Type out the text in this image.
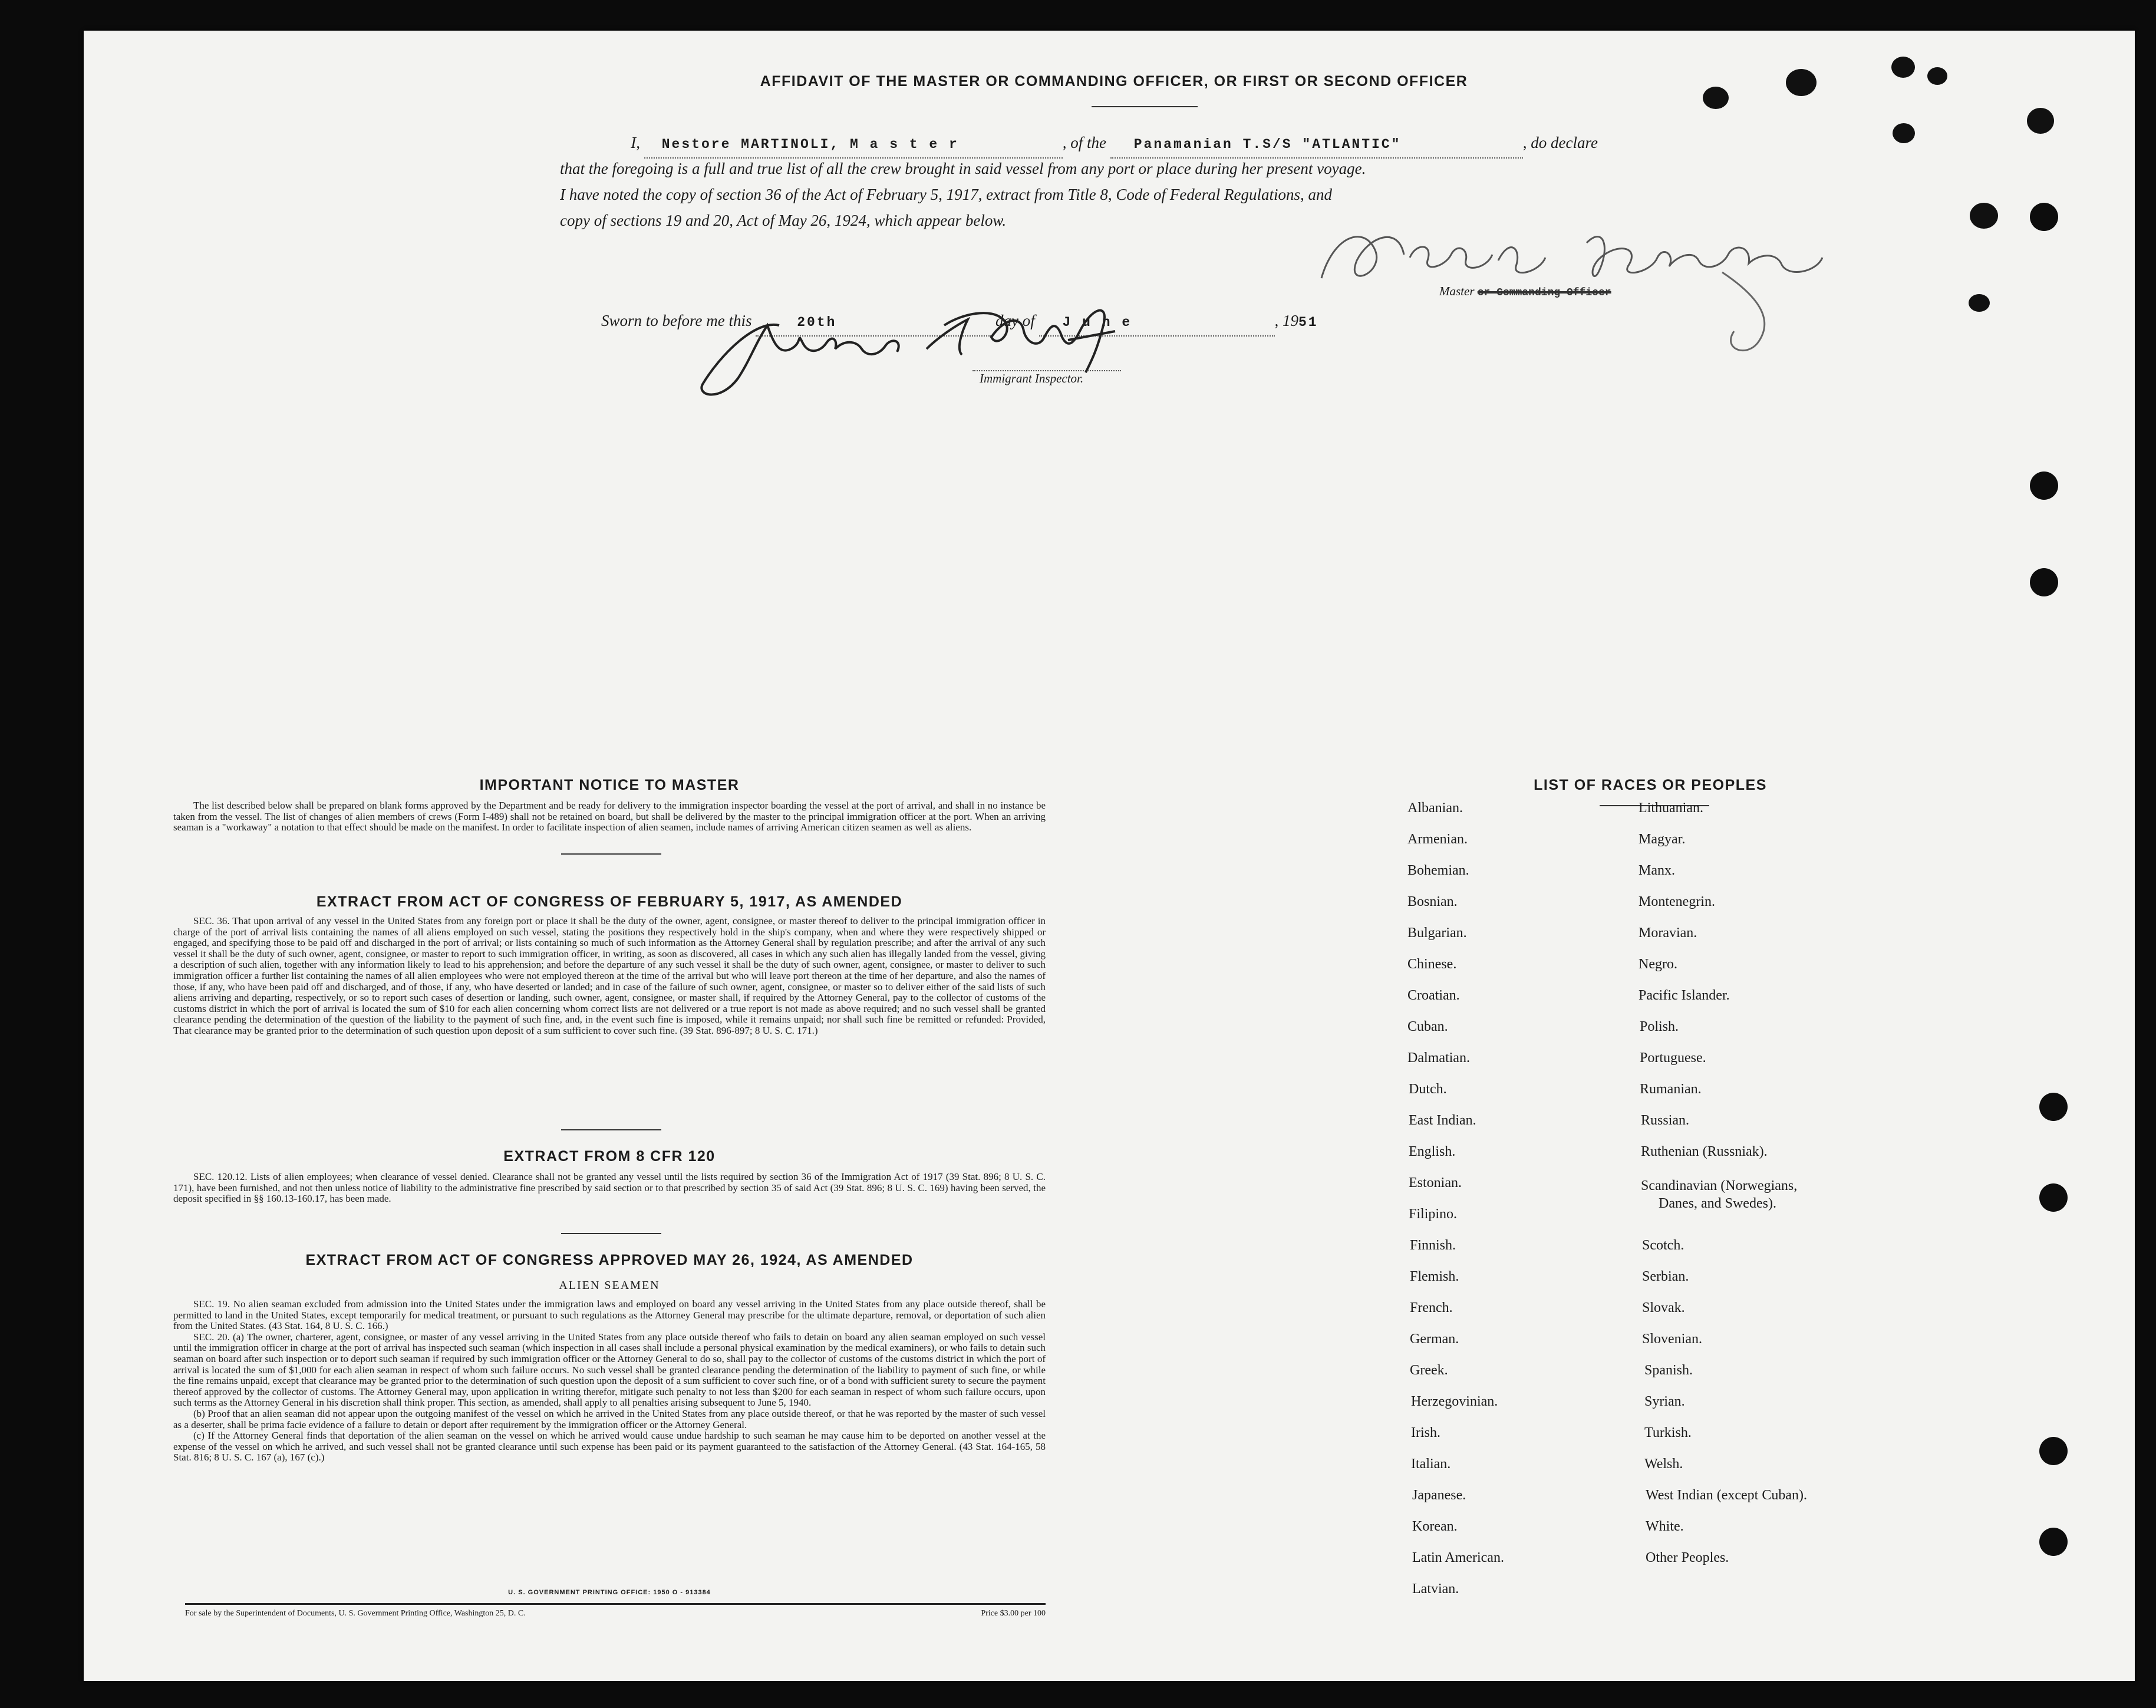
AFFIDAVIT OF THE MASTER OR COMMANDING OFFICER, OR FIRST OR SECOND OFFICER
I, Nestore MARTINOLI, M a s t e r	, of the Panamanian T.S/S "ATLANTIC"	, do declare
that the foregoing is a full and true list of all the crew brought in said vessel from any port or place during her present voyage.
I have noted the copy of section 36 of the Act of February 5, 1917, extract from Title 8, Code of Federal Regulations, and
copy of sections 19 and 20, Act of May 26, 1924, which appear below.
Master or Commanding Officer
Sworn to before me this	20th	day of J u n e	, 1951
Immigrant Inspector.
IMPORTANT NOTICE TO MASTER

The list described below shall be prepared on blank forms approved by the Department and be ready for delivery to the immigration inspector boarding the vessel at the port of arrival, and shall in no instance be taken from the vessel. The list of changes of alien members of crews (Form I-489) shall not be retained on board, but shall be delivered by the master to the principal immigration officer at the port. When an arriving seaman is a "workaway" a notation to that effect should be made on the manifest. In order to facilitate inspection of alien seamen, include names of arriving American citizen seamen as well as aliens.

EXTRACT FROM ACT OF CONGRESS OF FEBRUARY 5, 1917, AS AMENDED

SEC. 36. That upon arrival of any vessel in the United States from any foreign port or place it shall be the duty of the owner, agent, consignee, or master thereof to deliver to the principal immigration officer in charge of the port of arrival lists containing the names of all aliens employed on such vessel, stating the positions they respectively hold in the ship's company, when and where they were respectively shipped or engaged, and specifying those to be paid off and discharged in the port of arrival; or lists containing so much of such information as the Attorney General shall by regulation prescribe; and after the arrival of any such vessel it shall be the duty of such owner, agent, consignee, or master to report to such immigration officer, in writing, as soon as discovered, all cases in which any such alien has illegally landed from the vessel, giving a description of such alien, together with any information likely to lead to his apprehension; and before the departure of any such vessel it shall be the duty of such owner, agent, consignee, or master to deliver to such immigration officer a further list containing the names of all alien employees who were not employed thereon at the time of the arrival but who will leave port thereon at the time of her departure, and also the names of those, if any, who have been paid off and discharged, and of those, if any, who have deserted or landed; and in case of the failure of such owner, agent, consignee, or master so to deliver either of the said lists of such aliens arriving and departing, respectively, or so to report such cases of desertion or landing, such owner, agent, consignee, or master shall, if required by the Attorney General, pay to the collector of customs of the customs district in which the port of arrival is located the sum of $10 for each alien concerning whom correct lists are not delivered or a true report is not made as above required; and no such vessel shall be granted clearance pending the determination of the question of the liability to the payment of such fine, and, in the event such fine is imposed, while it remains unpaid; nor shall such fine be remitted or refunded: Provided, That clearance may be granted prior to the determination of such question upon deposit of a sum sufficient to cover such fine. (39 Stat. 896-897; 8 U. S. C. 171.)

EXTRACT FROM 8 CFR 120

SEC. 120.12. Lists of alien employees; when clearance of vessel denied. Clearance shall not be granted any vessel until the lists required by section 36 of the Immigration Act of 1917 (39 Stat. 896; 8 U. S. C. 171), have been furnished, and not then unless notice of liability to the administrative fine prescribed by said section or to that prescribed by section 35 of said Act (39 Stat. 896; 8 U. S. C. 169) having been served, the deposit specified in §§ 160.13-160.17, has been made.

EXTRACT FROM ACT OF CONGRESS APPROVED MAY 26, 1924, AS AMENDED
ALIEN SEAMEN

SEC. 19. No alien seaman excluded from admission into the United States under the immigration laws and employed on board any vessel arriving in the United States from any place outside thereof, shall be permitted to land in the United States, except temporarily for medical treatment, or pursuant to such regulations as the Attorney General may prescribe for the ultimate departure, removal, or deportation of such alien from the United States. (43 Stat. 164, 8 U. S. C. 166.)

SEC. 20. (a) The owner, charterer, agent, consignee, or master of any vessel arriving in the United States from any place outside thereof who fails to detain on board any alien seaman employed on such vessel until the immigration officer in charge at the port of arrival has inspected such seaman (which inspection in all cases shall include a personal physical examination by the medical examiners), or who fails to detain such seaman on board after such inspection or to deport such seaman if required by such immigration officer or the Attorney General to do so, shall pay to the collector of customs of the customs district in which the port of arrival is located the sum of $1,000 for each alien seaman in respect of whom such failure occurs. No such vessel shall be granted clearance pending the determination of the liability to payment of such fine, or while the fine remains unpaid, except that clearance may be granted prior to the determination of such question upon the deposit of a sum sufficient to cover such fine, or of a bond with sufficient surety to secure the payment thereof approved by the collector of customs. The Attorney General may, upon application in writing therefor, mitigate such penalty to not less than $200 for each seaman in respect of whom such failure occurs, upon such terms as the Attorney General in his discretion shall think proper. This section, as amended, shall apply to all penalties arising subsequent to June 5, 1940.

(b) Proof that an alien seaman did not appear upon the outgoing manifest of the vessel on which he arrived in the United States from any place outside thereof, or that he was reported by the master of such vessel as a deserter, shall be prima facie evidence of a failure to detain or deport after requirement by the immigration officer or the Attorney General.

(c) If the Attorney General finds that deportation of the alien seaman on the vessel on which he arrived would cause undue hardship to such seaman he may cause him to be deported on another vessel at the expense of the vessel on which he arrived, and such vessel shall not be granted clearance until such expense has been paid or its payment guaranteed to the satisfaction of the Attorney General. (43 Stat. 164-165, 58 Stat. 816; 8 U. S. C. 167 (a), 167 (c).)

U. S. GOVERNMENT PRINTING OFFICE: 1950 O - 913384
For sale by the Superintendent of Documents, U. S. Government Printing Office, Washington 25, D. C.	Price $3.00 per 100
LIST OF RACES OR PEOPLES
Albanian.
Armenian.
Bohemian.
Bosnian.
Bulgarian.
Chinese.
Croatian.
Cuban.
Dalmatian.
Dutch.
East Indian.
English.
Estonian.
Filipino.
Finnish.
Flemish.
French.
German.
Greek.
Herzegovinian.
Irish.
Italian.
Japanese.
Korean.
Latin American.
Latvian.
Lithuanian.
Magyar.
Manx.
Montenegrin.
Moravian.
Negro.
Pacific Islander.
Polish.
Portuguese.
Rumanian.
Russian.
Ruthenian (Russniak).
Scandinavian (Norwegians,
Danes, and Swedes).
Scotch.
Serbian.
Slovak.
Slovenian.
Spanish.
Syrian.
Turkish.
Welsh.
West Indian (except Cuban).
White.
Other Peoples.
